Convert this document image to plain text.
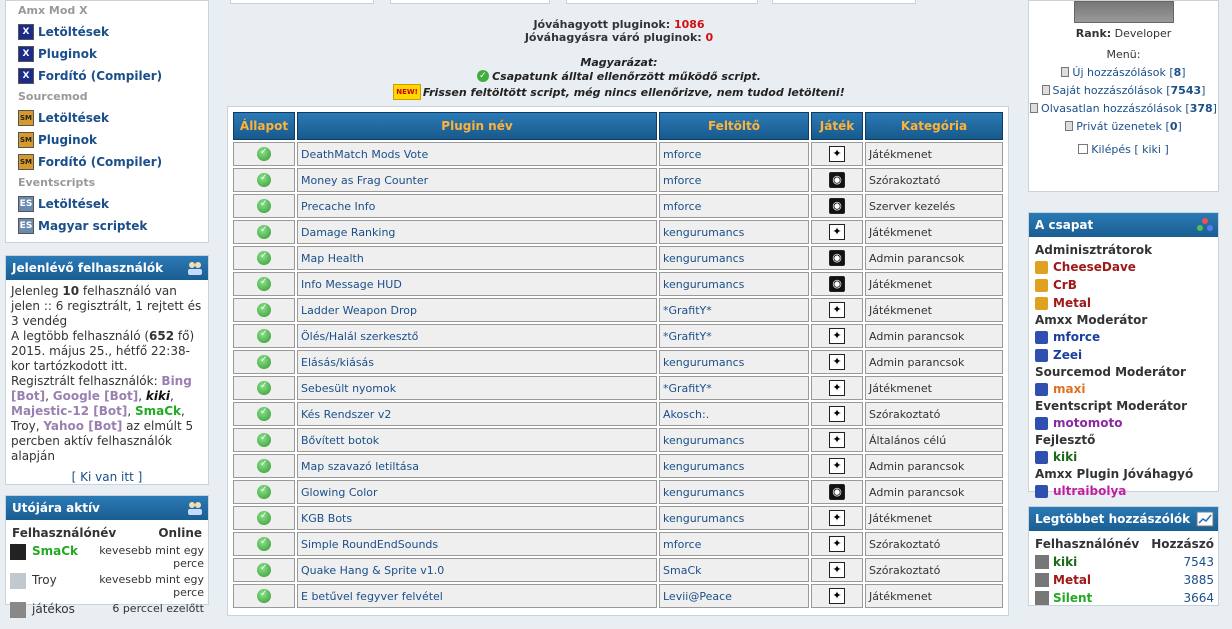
Amx Mod X
X Letöltések
X Pluginok
X Fordító (Compiler)
Sourcemod
SM Letöltések
SM Pluginok
SM Fordító (Compiler)
Eventscripts
ES Letöltések
ES Magyar scriptek
Jelenlévő felhasználók
Jelenleg 10 felhasználó van jelen :: 6 regisztrált, 1 rejtett és 3 vendég
A legtöbb felhasználó (652 fő) 2015. május 25., hétfő 22:38-kor tartózkodott itt.
Regisztrált felhasználók: Bing [Bot], Google [Bot], kiki, Majestic-12 [Bot], SmaCk, Troy, Yahoo [Bot] az elmúlt 5 percben aktív felhasználók alapján
[ Ki van itt ]
Utójára aktív
Felhasználónév	Online
SmaCk	kevesebb mint egy perce
Troy	kevesebb mint egy perce
játékos	6 perccel ezelőtt
Jóváhagyott pluginok: 1086
Jóváhagyásra váró pluginok: 0
Magyarázat:
✓Csapatunk álltal ellenőrzött működő script.
NEW! Frissen feltöltött script, még nincs ellenőrizve, nem tudod letölteni!
Állapot	Plugin név	Feltöltő	Játék	Kategória
✓	DeathMatch Mods Vote	mforce	✦	Játékmenet
✓	Money as Frag Counter	mforce	◉	Szórakoztató
✓	Precache Info	mforce	◉	Szerver kezelés
✓	Damage Ranking	kengurumancs	✦	Játékmenet
✓	Map Health	kengurumancs	◉	Admin parancsok
✓	Info Message HUD	kengurumancs	◉	Játékmenet
✓	Ladder Weapon Drop	*GrafitY*	✦	Játékmenet
✓	Ölés/Halál szerkesztő	*GrafitY*	✦	Admin parancsok
✓	Elásás/kiásás	kengurumancs	✦	Admin parancsok
✓	Sebesült nyomok	*GrafitY*	✦	Játékmenet
✓	Kés Rendszer v2	Akosch:.	✦	Szórakoztató
✓	Bővített botok	kengurumancs	✦	Általános célú
✓	Map szavazó letiltása	kengurumancs	✦	Admin parancsok
✓	Glowing Color	kengurumancs	◉	Admin parancsok
✓	KGB Bots	kengurumancs	✦	Játékmenet
✓	Simple RoundEndSounds	mforce	✦	Szórakoztató
✓	Quake Hang & Sprite v1.0	SmaCk	✦	Szórakoztató
✓	E betűvel fegyver felvétel	Levii@Peace	✦	Játékmenet
Rank: Developer
Menü:
Új hozzászólások [8]
Saját hozzászólások [7543]
Olvasatlan hozzászólások [378]
Privát üzenetek [0]
Kilépés [ kiki ]
A csapat
Adminisztrátorok
CheeseDave
CrB
Metal
Amxx Moderátor
mforce
Zeei
Sourcemod Moderátor
maxi
Eventscript Moderátor
motomoto
Fejlesztő
kiki
Amxx Plugin Jóváhagyó
ultraibolya
Legtöbbet hozzászólók
Felhasználónév Hozzászó
kiki	7543
Metal	3885
Silent	3664
